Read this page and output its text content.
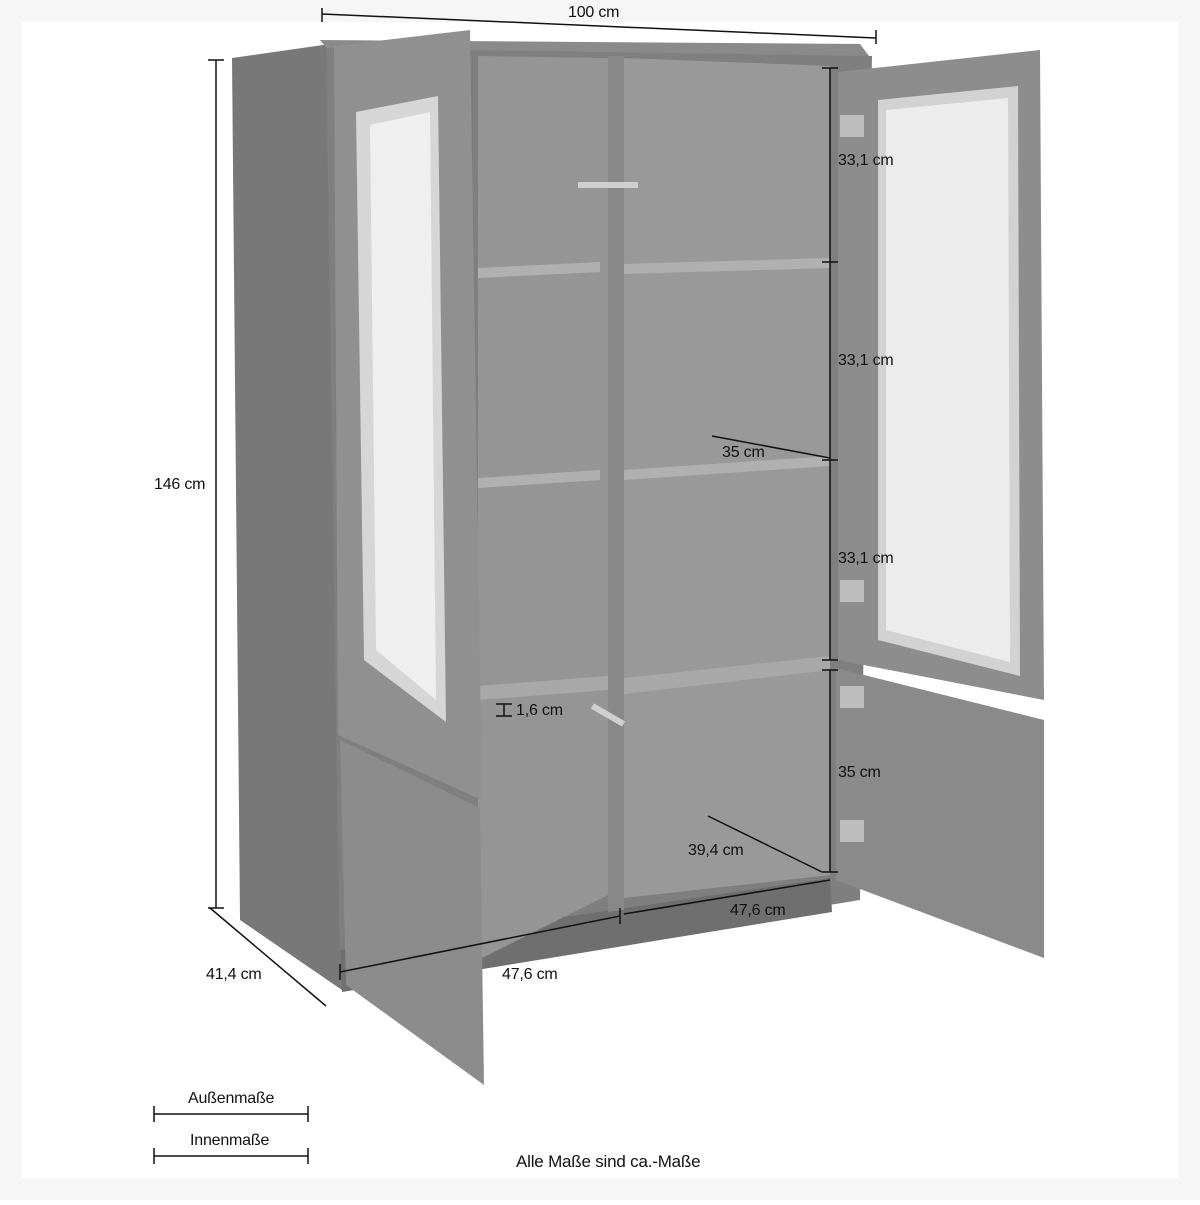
100 cm
146 cm
41,4 cm
33,1 cm
33,1 cm
35 cm
33,1 cm
1,6 cm
35 cm
39,4 cm
47,6 cm
47,6 cm
Außenmaße
Innenmaße
Alle Maße sind ca.-Maße
